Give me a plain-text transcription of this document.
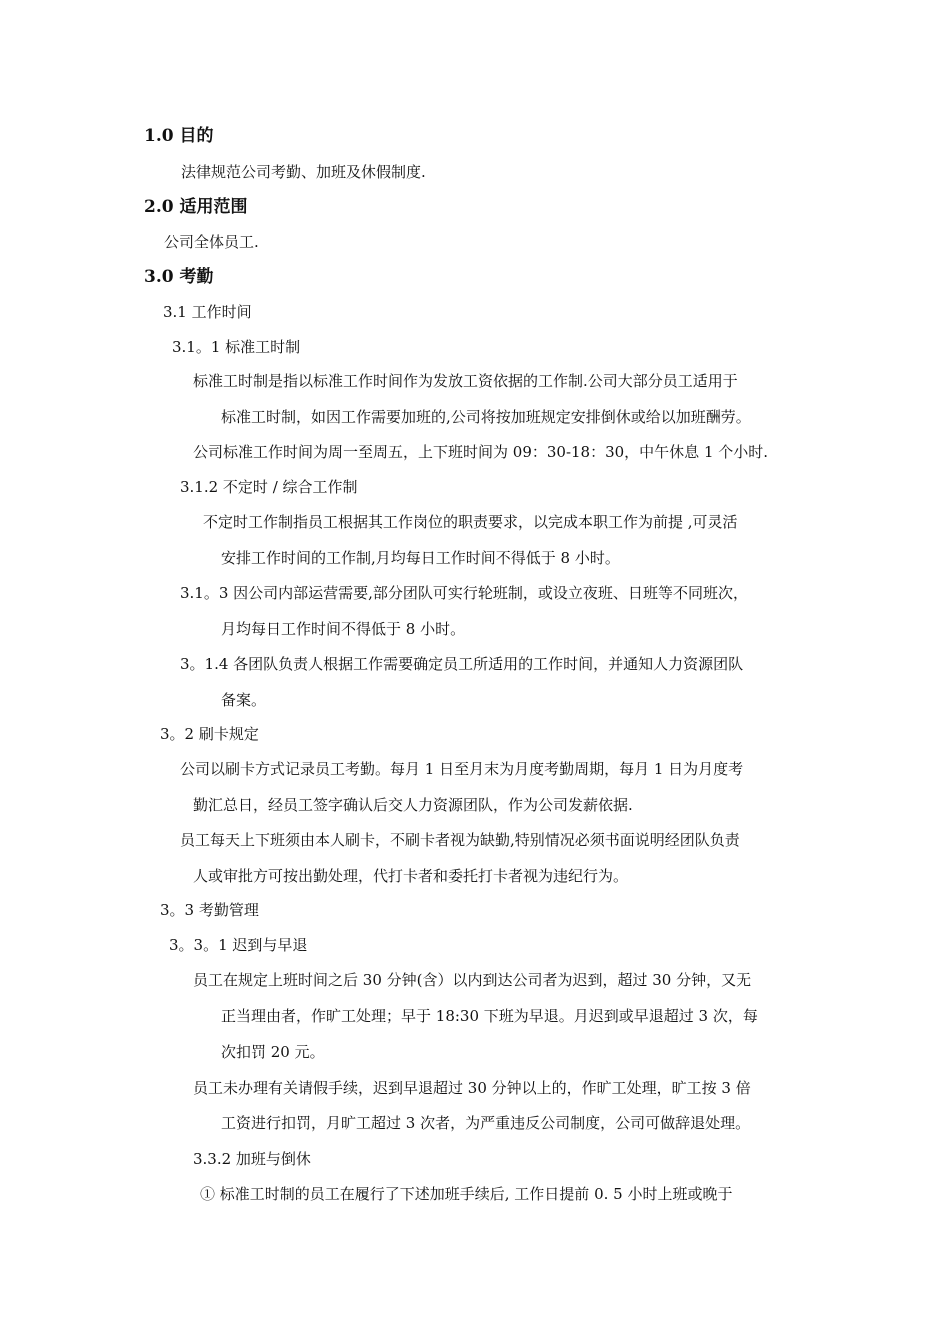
1.0 目的
法律规范公司考勤、加班及休假制度.
2.0 适用范围
公司全体员工.
3.0 考勤
3.1 工作时间
3.1。1 标准工时制
标准工时制是指以标准工作时间作为发放工资依据的工作制.公司大部分员工适用于
标准工时制，如因工作需要加班的,公司将按加班规定安排倒休或给以加班酬劳。
公司标准工作时间为周一至周五，上下班时间为 09：30-18：30，中午休息 1 个小时.
3.1.2 不定时 / 综合工作制
不定时工作制指员工根据其工作岗位的职责要求，以完成本职工作为前提 ,可灵活
安排工作时间的工作制,月均每日工作时间不得低于 8 小时。
3.1。3 因公司内部运营需要,部分团队可实行轮班制，或设立夜班、日班等不同班次，
月均每日工作时间不得低于 8 小时。
3。1.4 各团队负责人根据工作需要确定员工所适用的工作时间，并通知人力资源团队
备案。
3。2 刷卡规定
公司以刷卡方式记录员工考勤。每月 1 日至月末为月度考勤周期，每月 1 日为月度考
勤汇总日，经员工签字确认后交人力资源团队，作为公司发薪依据.
员工每天上下班须由本人刷卡，不刷卡者视为缺勤,特别情况必须书面说明经团队负责
人或审批方可按出勤处理，代打卡者和委托打卡者视为违纪行为。
3。3 考勤管理
3。3。1 迟到与早退
员工在规定上班时间之后 30 分钟(含）以内到达公司者为迟到，超过 30 分钟，又无
正当理由者，作旷工处理；早于 18:30 下班为早退。月迟到或早退超过 3 次，每
次扣罚 20 元。
员工未办理有关请假手续，迟到早退超过 30 分钟以上的，作旷工处理，旷工按 3 倍
工资进行扣罚，月旷工超过 3 次者，为严重违反公司制度，公司可做辞退处理。
3.3.2 加班与倒休
① 标准工时制的员工在履行了下述加班手续后, 工作日提前 0. 5 小时上班或晚于
